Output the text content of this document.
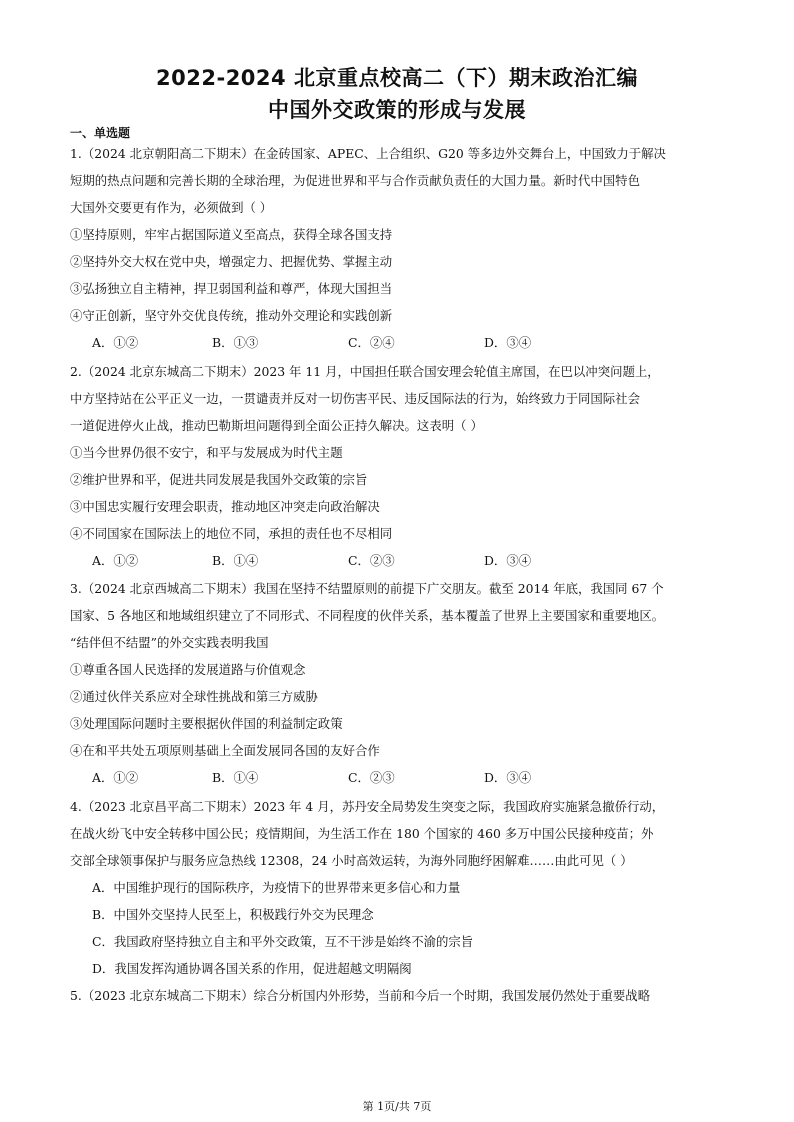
2022-2024 北京重点校高二（下）期末政治汇编
中国外交政策的形成与发展
一、单选题
1.（2024 北京朝阳高二下期末）在金砖国家、APEC、上合组织、G20 等多边外交舞台上，中国致力于解决
短期的热点问题和完善长期的全球治理，为促进世界和平与合作贡献负责任的大国力量。新时代中国特色
大国外交要更有作为，必须做到（ ）
①坚持原则，牢牢占据国际道义至高点，获得全球各国支持
②坚持外交大权在党中央，增强定力、把握优势、掌握主动
③弘扬独立自主精神，捍卫弱国利益和尊严，体现大国担当
④守正创新，坚守外交优良传统，推动外交理论和实践创新
A．①②	B．①③	C．②④	D．③④
2.（2024 北京东城高二下期末）2023 年 11 月，中国担任联合国安理会轮值主席国，在巴以冲突问题上，
中方坚持站在公平正义一边，一贯谴责并反对一切伤害平民、违反国际法的行为，始终致力于同国际社会
一道促进停火止战，推动巴勒斯坦问题得到全面公正持久解决。这表明（ ）
①当今世界仍很不安宁，和平与发展成为时代主题
②维护世界和平，促进共同发展是我国外交政策的宗旨
③中国忠实履行安理会职责，推动地区冲突走向政治解决
④不同国家在国际法上的地位不同，承担的责任也不尽相同
A．①②	B．①④	C．②③	D．③④
3.（2024 北京西城高二下期末）我国在坚持不结盟原则的前提下广交朋友。截至 2014 年底，我国同 67 个
国家、5 各地区和地域组织建立了不同形式、不同程度的伙伴关系，基本覆盖了世界上主要国家和重要地区。
“结伴但不结盟”的外交实践表明我国
①尊重各国人民选择的发展道路与价值观念
②通过伙伴关系应对全球性挑战和第三方威胁
③处理国际问题时主要根据伙伴国的利益制定政策
④在和平共处五项原则基础上全面发展同各国的友好合作
A．①②	B．①④	C．②③	D．③④
4.（2023 北京昌平高二下期末）2023 年 4 月，苏丹安全局势发生突变之际，我国政府实施紧急撤侨行动，
在战火纷飞中安全转移中国公民；疫情期间，为生活工作在 180 个国家的 460 多万中国公民接种疫苗；外
交部全球领事保护与服务应急热线 12308，24 小时高效运转，为海外同胞纾困解难……由此可见（ ）
A．中国维护现行的国际秩序，为疫情下的世界带来更多信心和力量
B．中国外交坚持人民至上，积极践行外交为民理念
C．我国政府坚持独立自主和平外交政策，互不干涉是始终不渝的宗旨
D．我国发挥沟通协调各国关系的作用，促进超越文明隔阂
5.（2023 北京东城高二下期末）综合分析国内外形势，当前和今后一个时期，我国发展仍然处于重要战略
第 1页/共 7页
